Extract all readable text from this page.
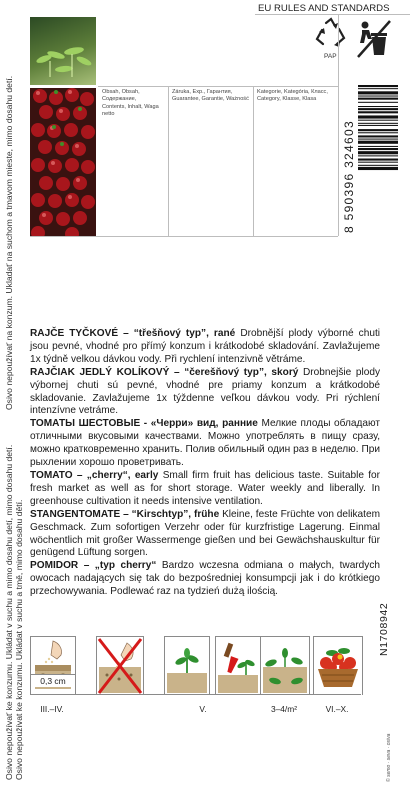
Osivo nepoužívať ke konzumu. Ukládat v suchu a mimo dosahu detí, mimo dosahu detí. Osivo nepoužívat ke konzumu. Ukládat v suchu a tmě, mimo dosahu dětí.
Osivo nepoužívať na konzum. Ukladať na suchom a tmavom mieste, mimo dosahu detí.
EU RULES AND STANDARDS
PAP
Obsah, Obsah, Содержание,
Contents, Inhalt, Waga netto
Záruka, Exp., Гарантия,
Guarantee, Garantie, Ważność
Kategorie, Kategória, Класс,
Category, Klasse, Klasa
8 590396 324603

RAJČE TYČKOVÉ – “třešňový typ”, rané Drobnější plody výborné chuti jsou pevné, vhodné pro přímý konzum i krátkodobé skladování. Zavlažujeme 1x týdně velkou dávkou vody. Při rychlení intenzivně větráme.

RAJČIAK JEDLÝ KOLÍKOVÝ – “čerešňový typ”, skorý Drobnejšie plody výbornej chuti sú pevné, vhodné pre priamy konzum a krátkodobé skladovanie. Zavlažujeme 1x týždenne veľkou dávkou vody. Pri rýchlení intenzívne vetráme.

ТОМАТЫ ШЕСТОВЫЕ - «Черри» вид, ранние Мелкие плоды обладают отличными вкусовыми качествами. Можно употреблять в пищу сразу, можно кратковременно хранить. Полив обильный один раз в неделю. При рыхлении хорошо проветривать.

TOMATO – „cherry“, early Small firm fruit has delicious taste. Suitable for fresh market as well as for short storage. Water weekly and liberally. In greenhouse cultivation it needs intensive ventilation.

STANGENTOMATE – “Kirschtyp”, frühe Kleine, feste Früchte von delikatem Geschmack. Zum sofortigen Verzehr oder für kurzfristige Lagerung. Einmal wöchentlich mit großer Wassermenge gießen und bei Gewächshauskultur für genügend Lüftung sorgen.

POMIDOR – „typ cherry“ Bardzo wczesna odmiana o małych, twardych owocach nadających się tak do bezpośredniej konsumpcji jak i do krótkiego przechowywania. Podlewać raz na tydzień dużą ilością.

N1708942
0,3 cm
III.–IV.	V.	3–4/m²	VI.–X.
© semo · seva · osiva
